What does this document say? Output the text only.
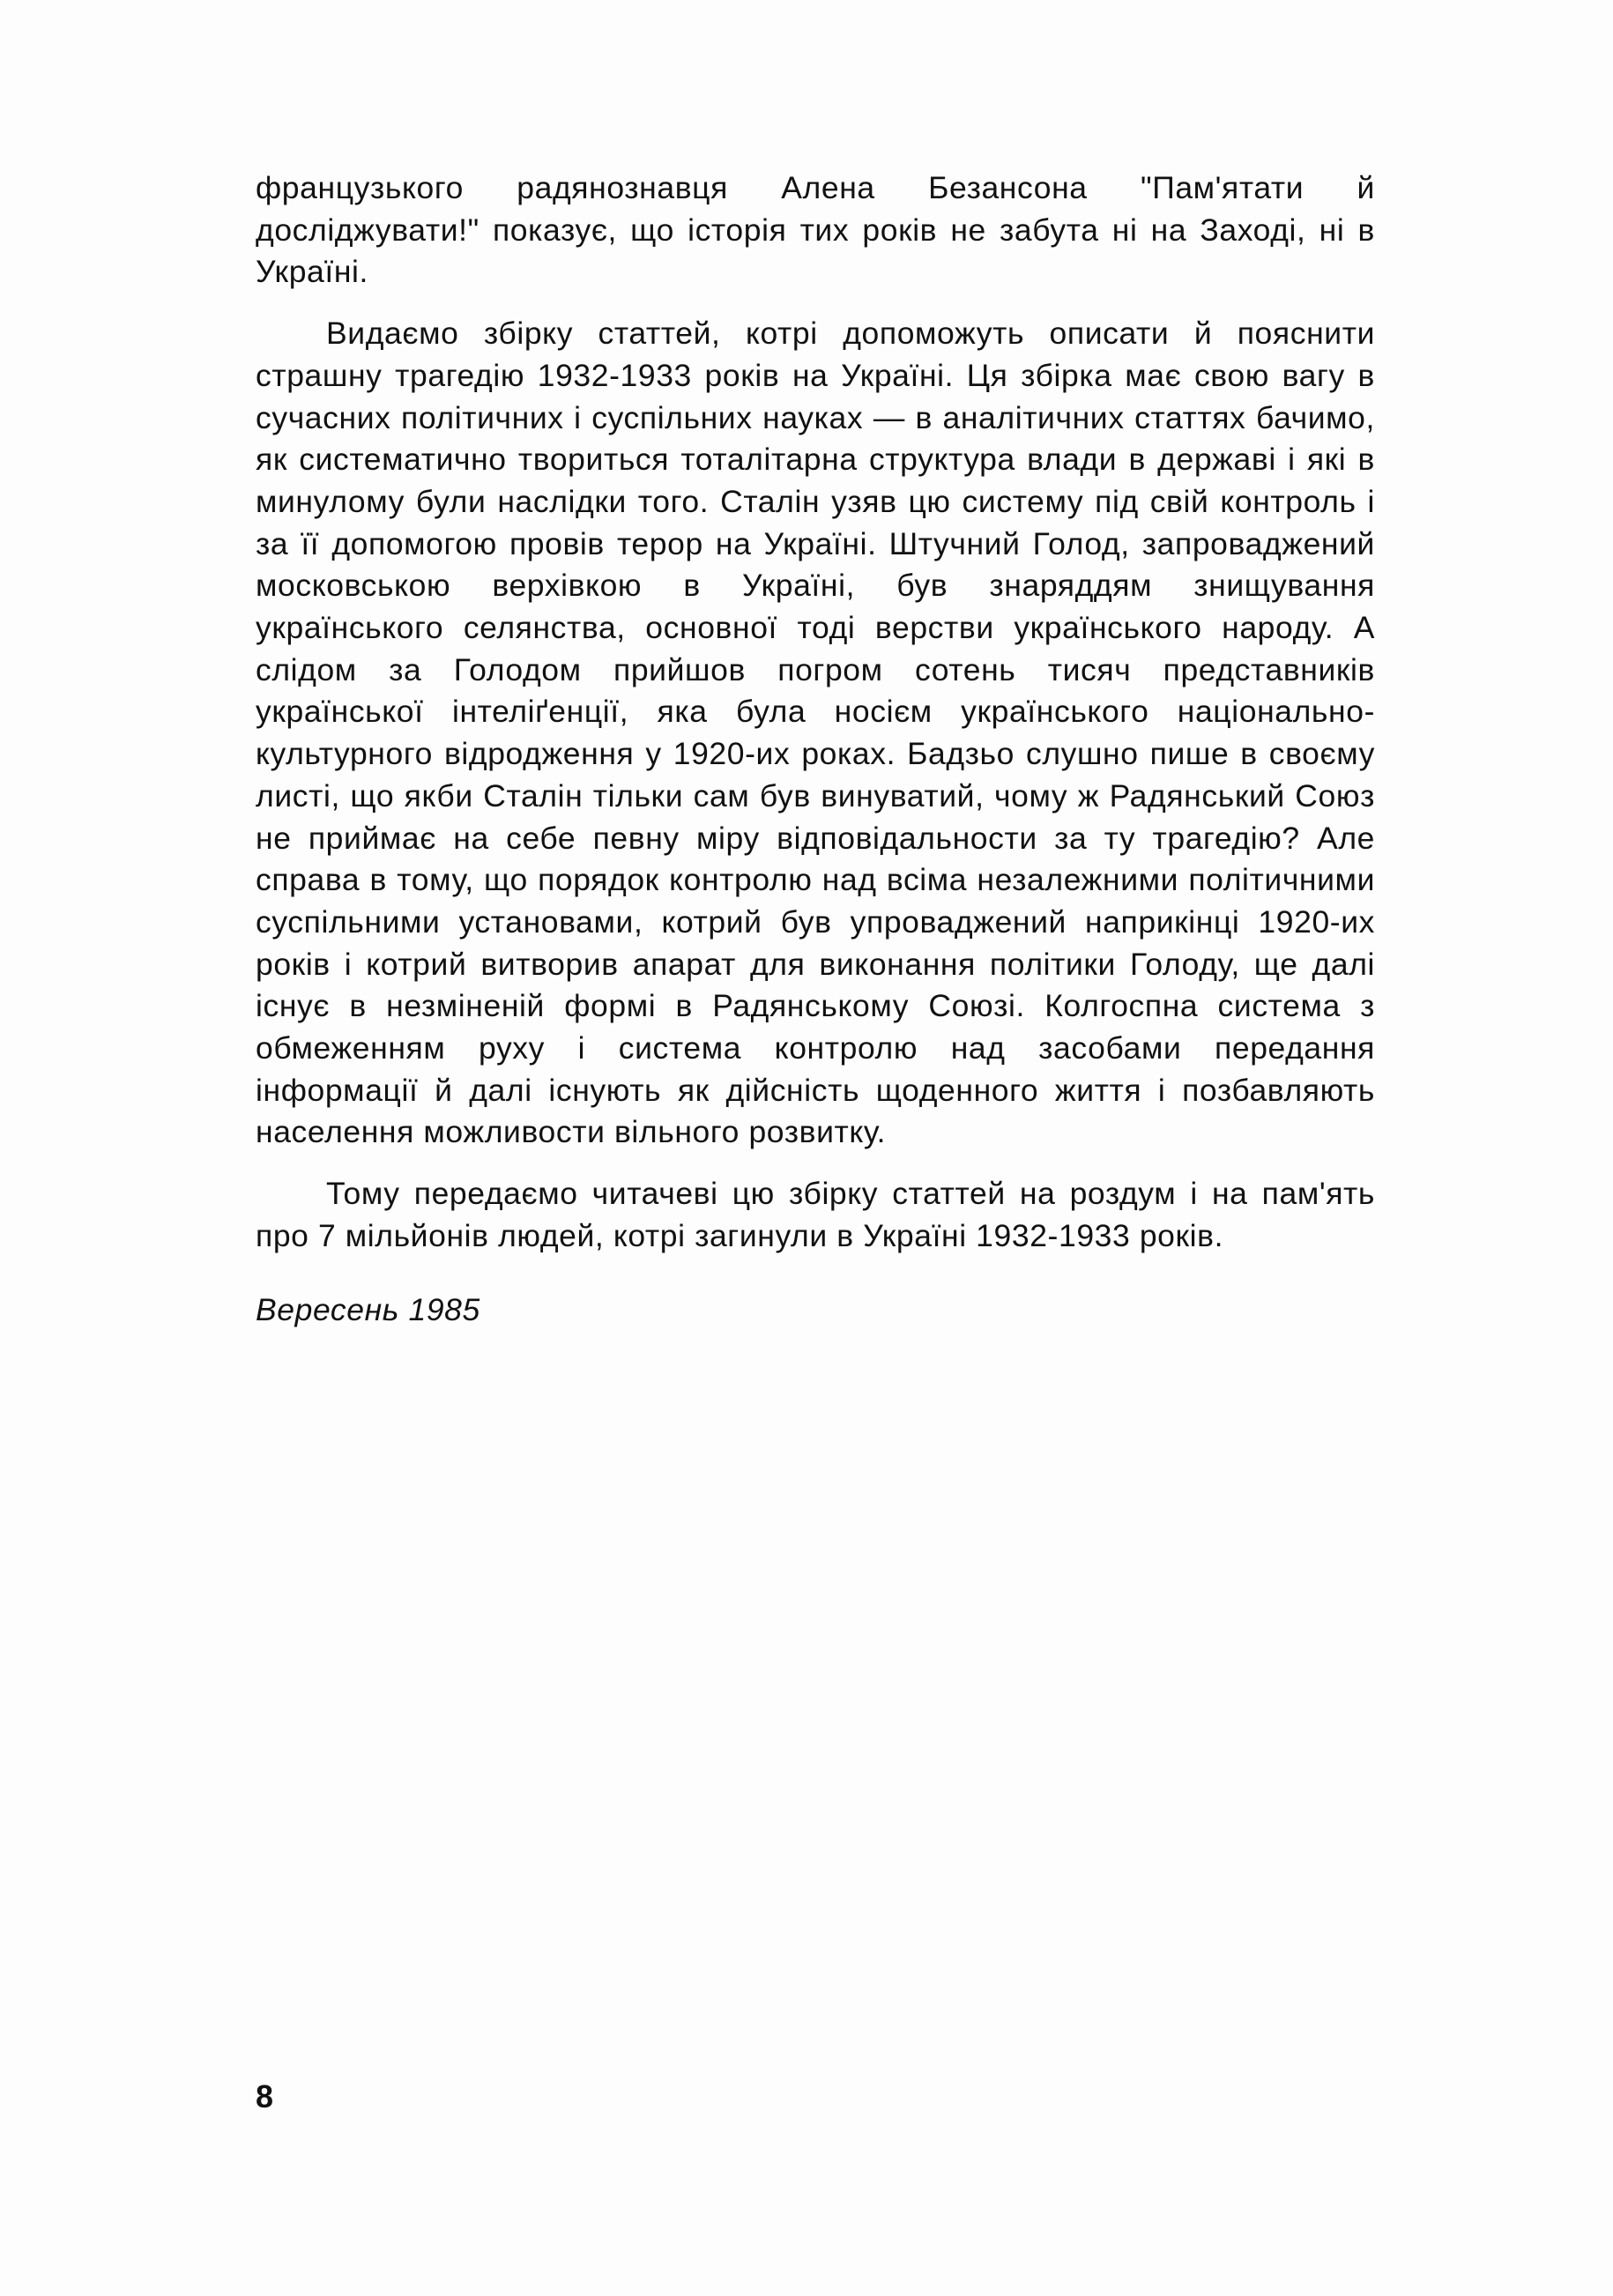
французького радянознавця Алена Безансона "Пам'ятати й досліджувати!" показує, що історія тих років не забута ні на Заході, ні в Україні.

Видаємо збірку статтей, котрі допоможуть описати й пояснити страшну трагедію 1932-1933 років на Україні. Ця збірка має свою вагу в сучасних політичних і суспільних науках — в аналітичних статтях бачимо, як систематично твориться тоталітарна структура влади в державі і які в минулому були наслідки того. Сталін узяв цю систему під свій контроль і за її допомогою провів терор на Україні. Штучний Голод, запроваджений московською верхівкою в Україні, був знаряддям знищування українського селянства, основної тоді верстви українського народу. А слідом за Голодом прийшов погром сотень тисяч представників української інтеліґенції, яка була носієм українського національно-культурного відродження у 1920-их роках. Бадзьо слушно пише в своєму листі, що якби Сталін тільки сам був винуватий, чому ж Радянський Союз не приймає на себе певну міру відповідальности за ту трагедію? Але справа в тому, що порядок контролю над всіма незалежними політичними суспільними установами, котрий був упроваджений наприкінці 1920-их років і котрий витворив апарат для виконання політики Голоду, ще далі існує в незміненій формі в Радянському Союзі. Колгоспна система з обмеженням руху і система контролю над засобами передання інформації й далі існують як дійсність щоденного життя і позбавляють населення можливости вільного розвитку.

Тому передаємо читачеві цю збірку статтей на роздум і на пам'ять про 7 мільйонів людей, котрі загинули в Україні 1932-1933 років.

Вересень 1985

8
